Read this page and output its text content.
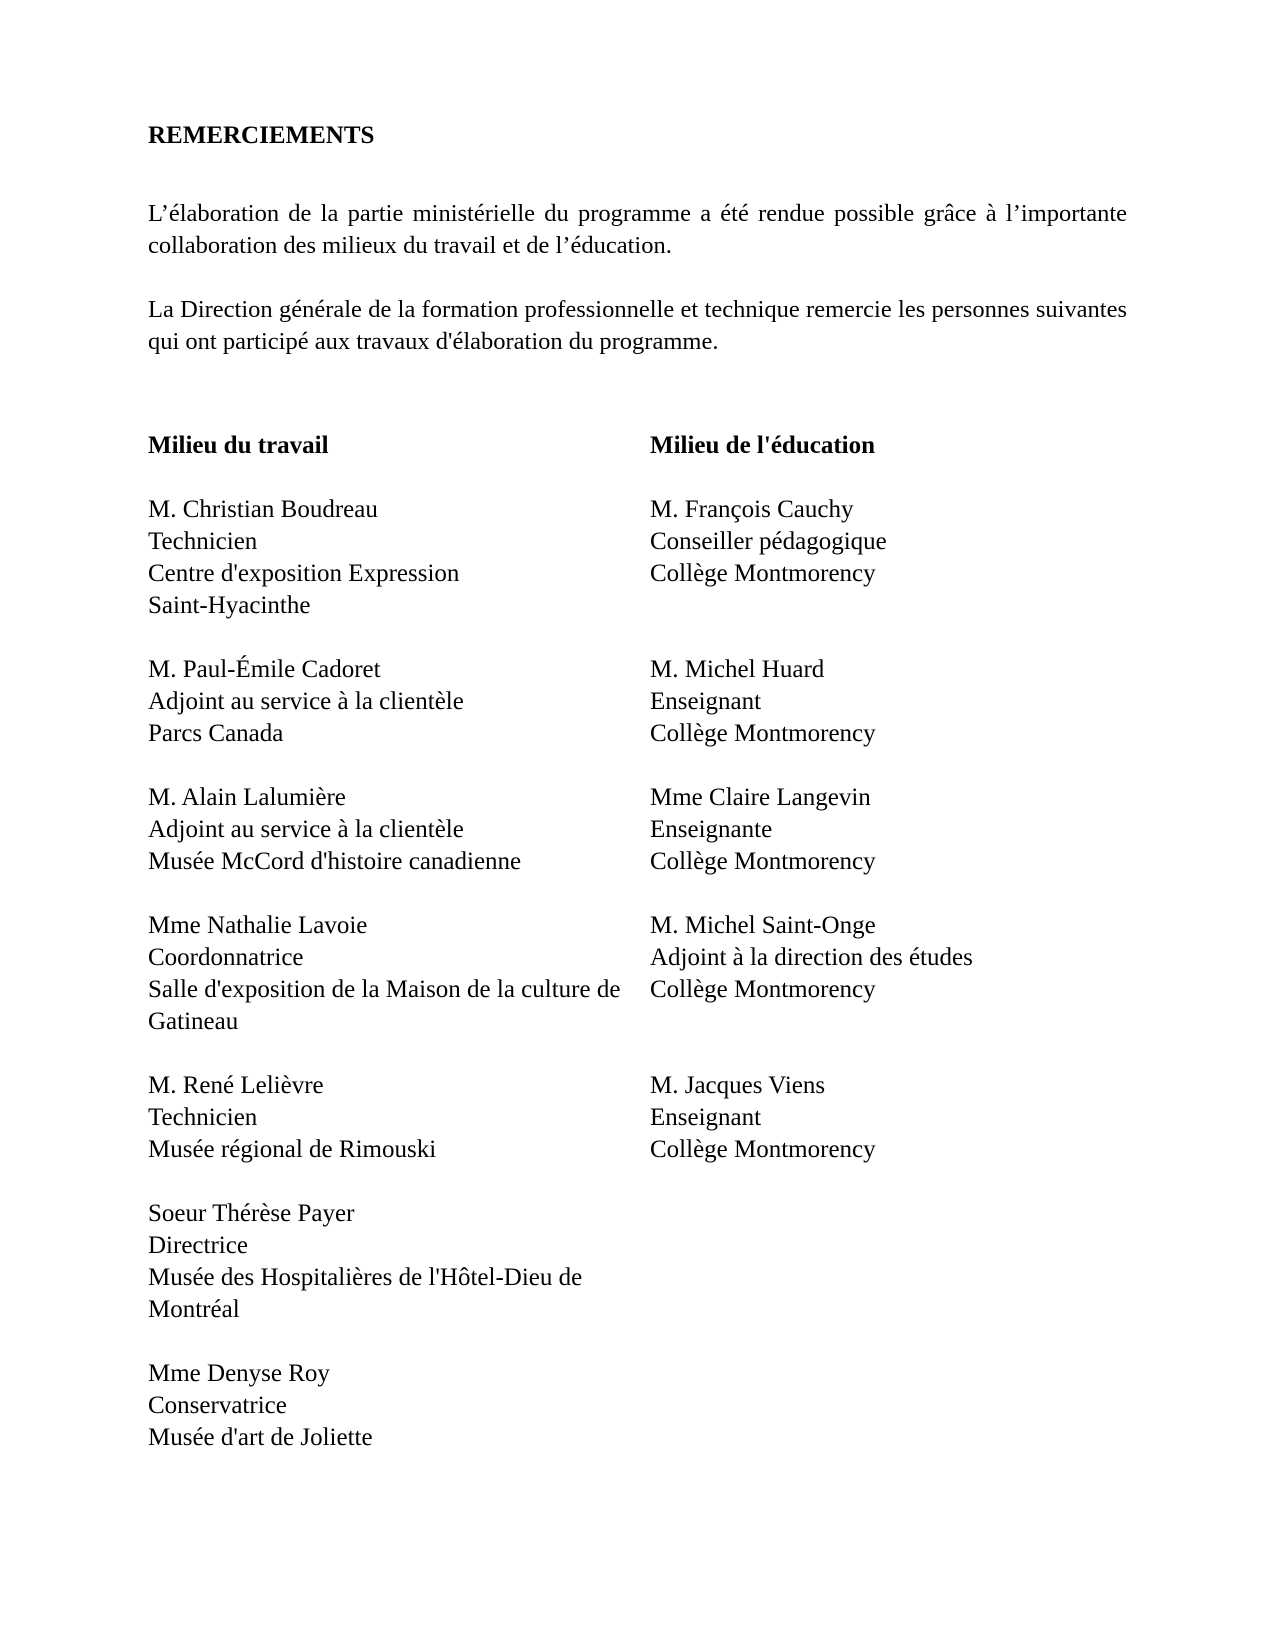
REMERCIEMENTS
L’élaboration de la partie ministérielle du programme a été rendue possible grâce à l’importante collaboration des milieux du travail et de l’éducation.
La Direction générale de la formation professionnelle et technique remercie les personnes suivantes qui ont participé aux travaux d'élaboration du programme.
Milieu du travail	Milieu de l'éducation
M. Christian Boudreau
Technicien
Centre d'exposition Expression
Saint-Hyacinthe
M. François Cauchy
Conseiller pédagogique
Collège Montmorency
M. Paul-Émile Cadoret
Adjoint au service à la clientèle
Parcs Canada
M. Michel Huard
Enseignant
Collège Montmorency
M. Alain Lalumière
Adjoint au service à la clientèle
Musée McCord d'histoire canadienne
Mme Claire Langevin
Enseignante
Collège Montmorency
Mme Nathalie Lavoie
Coordonnatrice
Salle d'exposition de la Maison de la culture de
Gatineau
M. Michel Saint-Onge
Adjoint à la direction des études
Collège Montmorency
M. René Lelièvre
Technicien
Musée régional de Rimouski
M. Jacques Viens
Enseignant
Collège Montmorency
Soeur Thérèse Payer
Directrice
Musée des Hospitalières de l'Hôtel-Dieu de
Montréal
Mme Denyse Roy
Conservatrice
Musée d'art de Joliette
